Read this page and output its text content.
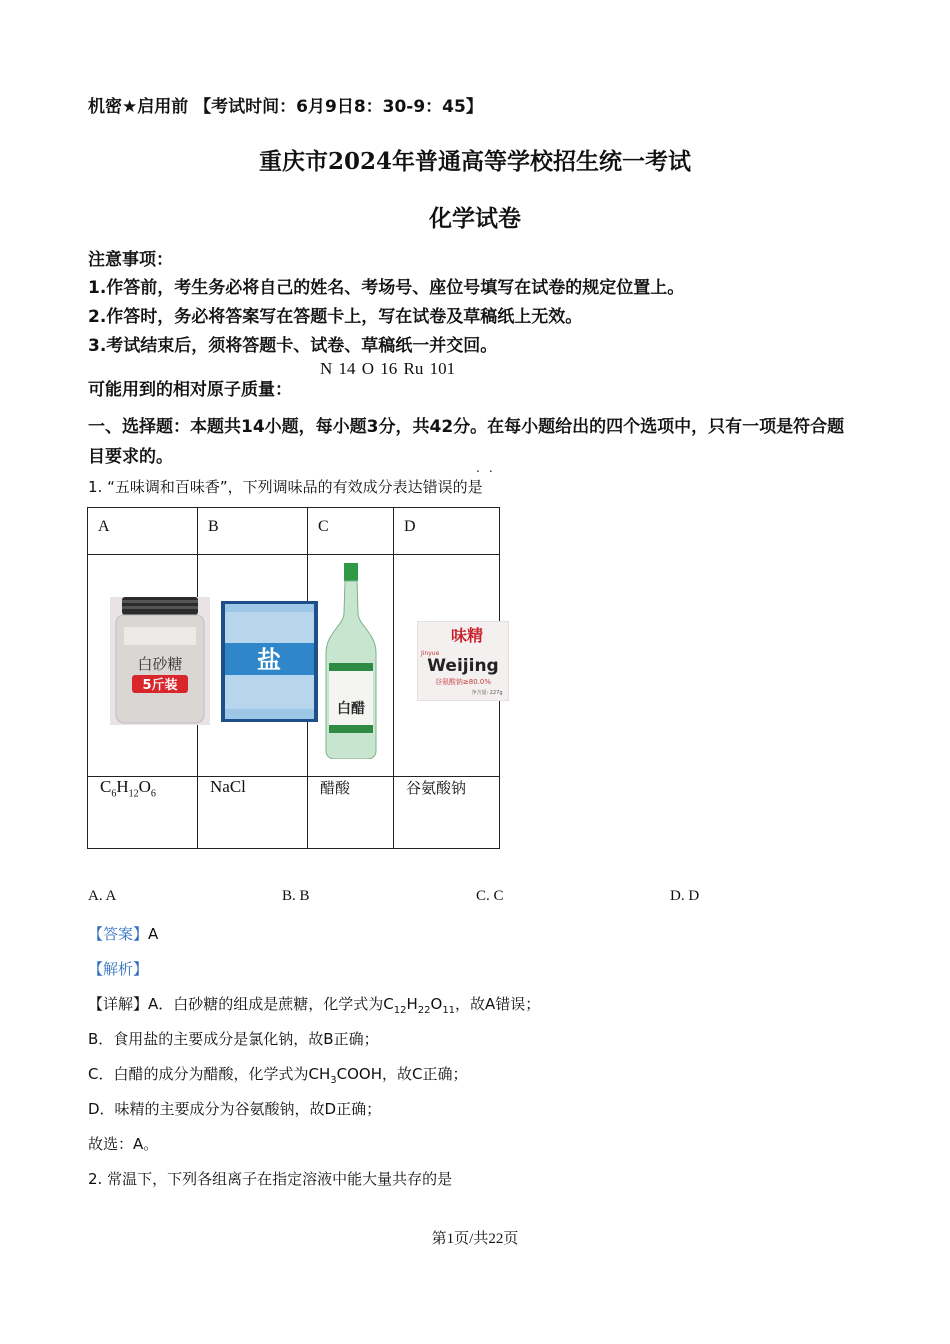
机密★启用前 【考试时间：6月9日8：30-9：45】
重庆市2024年普通高等学校招生统一考试
化学试卷
注意事项：
1.作答前，考生务必将自己的姓名、考场号、座位号填写在试卷的规定位置上。
2.作答时，务必将答案写在答题卡上，写在试卷及草稿纸上无效。
3.考试结束后，须将答题卡、试卷、草稿纸一并交回。
可能用到的相对原子质量：
N 14 O 16 Ru 101
一、选择题：本题共14小题，每小题3分，共42分。在每小题给出的四个选项中，只有一项是符合题目要求的。
..
1. “五味调和百味香”，下列调味品的有效成分表达错误的是
A	B	C	D

白砂糖
5斤装	盐	白醋	Jinyue
味精
Weijing
谷氨酸钠≥80.0%
净含量: 227g

$C_6H_{12}O_6$	NaCl	醋酸	谷氨酸钠
A. A	B. B	C. C	D. D
【答案】A
【解析】
【详解】A．白砂糖的组成是蔗糖，化学式为$C_{12}H_{22}O_{11}$，故A错误；
B．食用盐的主要成分是氯化钠，故B正确；
C．白醋的成分为醋酸，化学式为$CH_3COOH$，故C正确；
D．味精的主要成分为谷氨酸钠，故D正确；
故选：A。
2. 常温下，下列各组离子在指定溶液中能大量共存的是
第1页/共22页
